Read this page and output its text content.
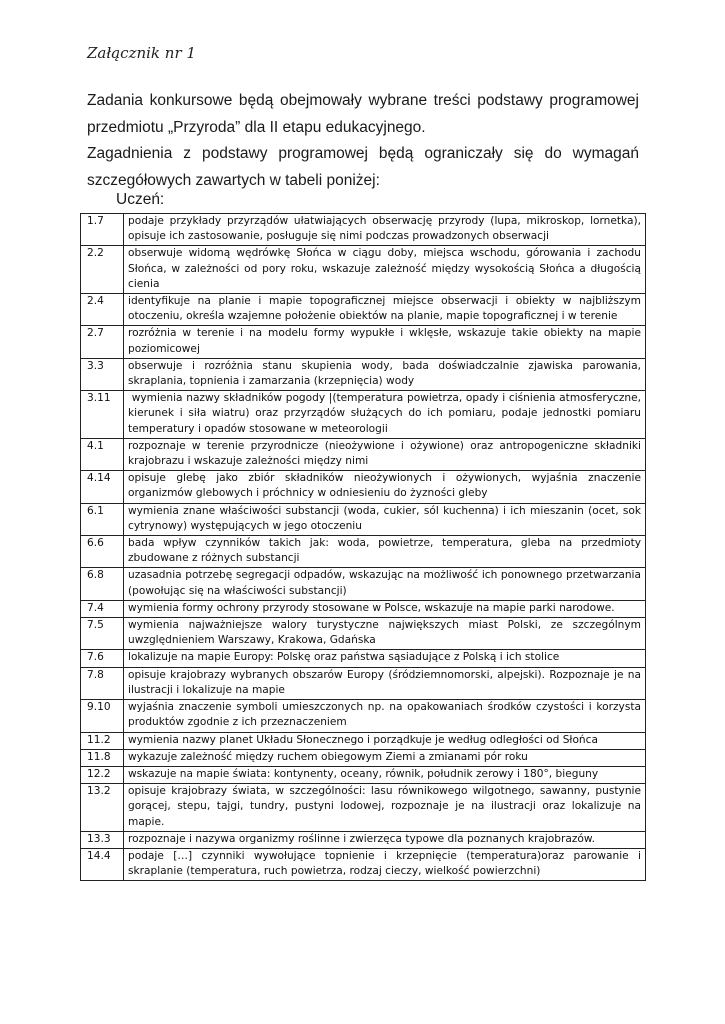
Załącznik nr 1

Zadania konkursowe będą obejmowały wybrane treści podstawy programowej

przedmiotu „Przyroda” dla II etapu edukacyjnego.

Zagadnienia z podstawy programowej będą ograniczały się do wymagań

szczegółowych zawartych w tabeli poniżej:

Uczeń:
1.7	podaje przykłady przyrządów ułatwiających obserwację przyrody (lupa, mikroskop, lornetka), opisuje ich zastosowanie, posługuje się nimi podczas prowadzonych obserwacji
2.2	obserwuje widomą wędrówkę Słońca w ciągu doby, miejsca wschodu, górowania i zachodu Słońca, w zależności od pory roku, wskazuje zależność między wysokością Słońca a długością cienia
2.4	identyfikuje na planie i mapie topograficznej miejsce obserwacji i obiekty w najbliższym otoczeniu, określa wzajemne położenie obiektów na planie, mapie topograficznej i w terenie
2.7	rozróżnia w terenie i na modelu formy wypukłe i wklęsłe, wskazuje takie obiekty na mapie poziomicowej
3.3	obserwuje i rozróżnia stanu skupienia wody, bada doświadczalnie zjawiska parowania, skraplania, topnienia i zamarzania (krzepnięcia) wody
3.11	wymienia nazwy składników pogody |(temperatura powietrza, opady i ciśnienia atmosferyczne,          kierunek i siła wiatru) oraz przyrządów służących do ich pomiaru, podaje jednostki pomiaru          temperatury i opadów stosowane w meteorologii
4.1	rozpoznaje w terenie przyrodnicze (nieożywione i ożywione) oraz antropogeniczne składniki krajobrazu i wskazuje zależności między nimi
4.14	opisuje glebę jako zbiór składników nieożywionych i ożywionych, wyjaśnia znaczenie organizmów glebowych i próchnicy w odniesieniu do żyzności gleby
6.1	wymienia znane właściwości substancji (woda, cukier, sól kuchenna) i ich mieszanin (ocet, sok cytrynowy) występujących w jego otoczeniu
6.6	bada wpływ czynników takich jak: woda, powietrze, temperatura, gleba na przedmioty zbudowane z różnych substancji
6.8	uzasadnia potrzebę segregacji odpadów, wskazując na możliwość ich ponownego przetwarzania   (powołując się na właściwości substancji)
7.4	wymienia formy ochrony przyrody stosowane w Polsce, wskazuje na mapie parki narodowe.
7.5	wymienia najważniejsze walory turystyczne największych miast Polski, ze szczególnym uwzględnieniem Warszawy, Krakowa, Gdańska
7.6	lokalizuje na mapie Europy: Polskę oraz państwa sąsiadujące z Polską i ich stolice
7.8	opisuje krajobrazy wybranych obszarów Europy (śródziemnomorski, alpejski). Rozpoznaje je na ilustracji i lokalizuje na mapie
9.10	wyjaśnia znaczenie symboli umieszczonych np. na opakowaniach środków czystości i korzysta produktów zgodnie z ich przeznaczeniem
11.2	wymienia nazwy planet Układu Słonecznego i porządkuje je według odległości od Słońca
11.8	wykazuje zależność między ruchem obiegowym Ziemi a zmianami pór roku
12.2	wskazuje na mapie świata: kontynenty, oceany, równik, południk zerowy i 180°, bieguny
13.2	opisuje krajobrazy świata, w szczególności: lasu równikowego wilgotnego, sawanny, pustynie gorącej, stepu, tajgi, tundry, pustyni lodowej, rozpoznaje je na ilustracji oraz lokalizuje na mapie.
13.3	rozpoznaje i nazywa organizmy roślinne i zwierzęca typowe dla poznanych krajobrazów.
14.4	podaje […] czynniki wywołujące topnienie i krzepnięcie (temperatura)oraz parowanie i skraplanie (temperatura, ruch powietrza, rodzaj cieczy, wielkość powierzchni)
